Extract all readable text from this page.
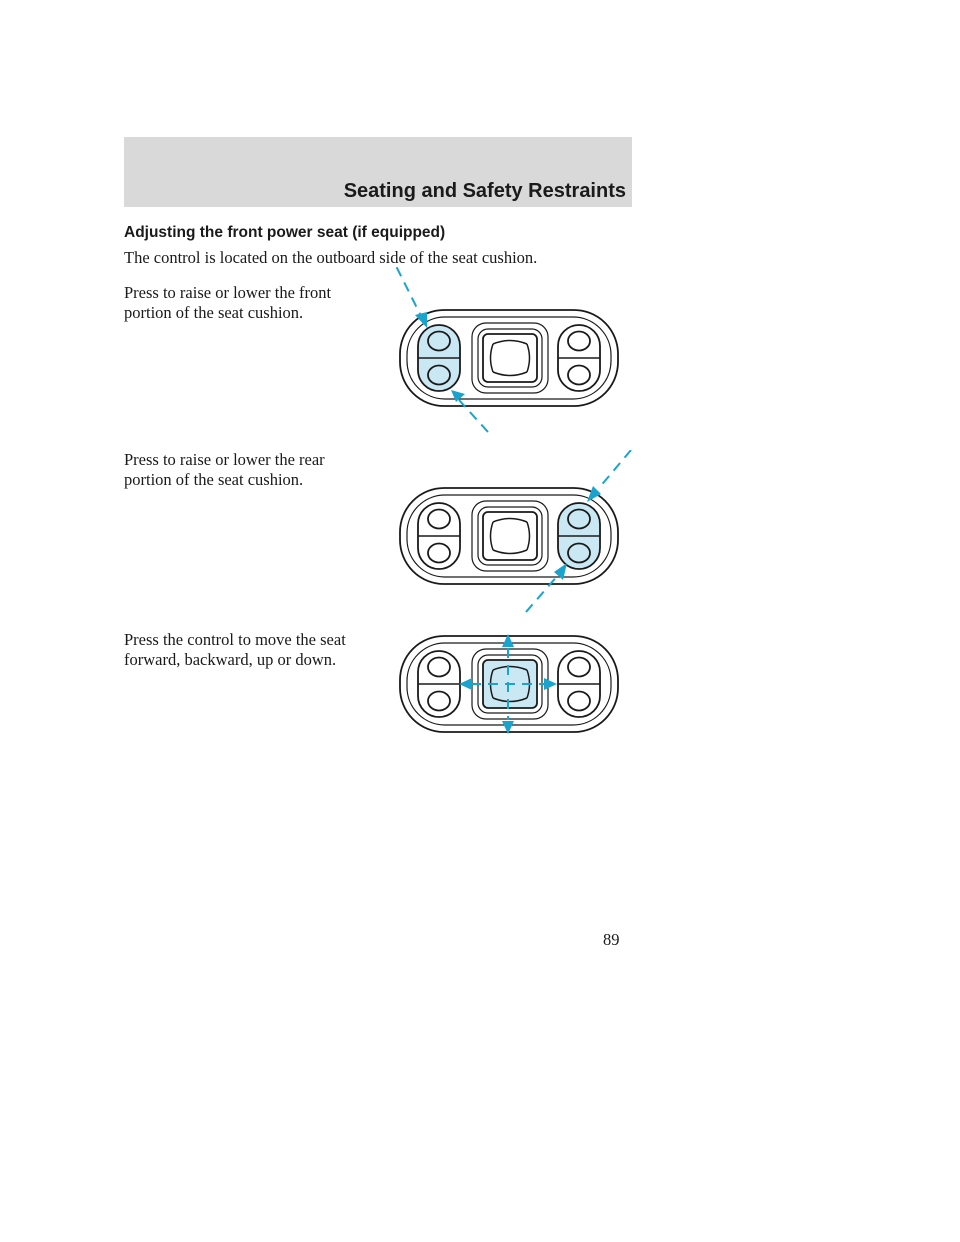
Seating and Safety Restraints
Adjusting the front power seat (if equipped)

The control is located on the outboard side of the seat cushion.

Press to raise or lower the front portion of the seat cushion.

Press to raise or lower the rear portion of the seat cushion.

Press the control to move the seat forward, backward, up or down.

89
